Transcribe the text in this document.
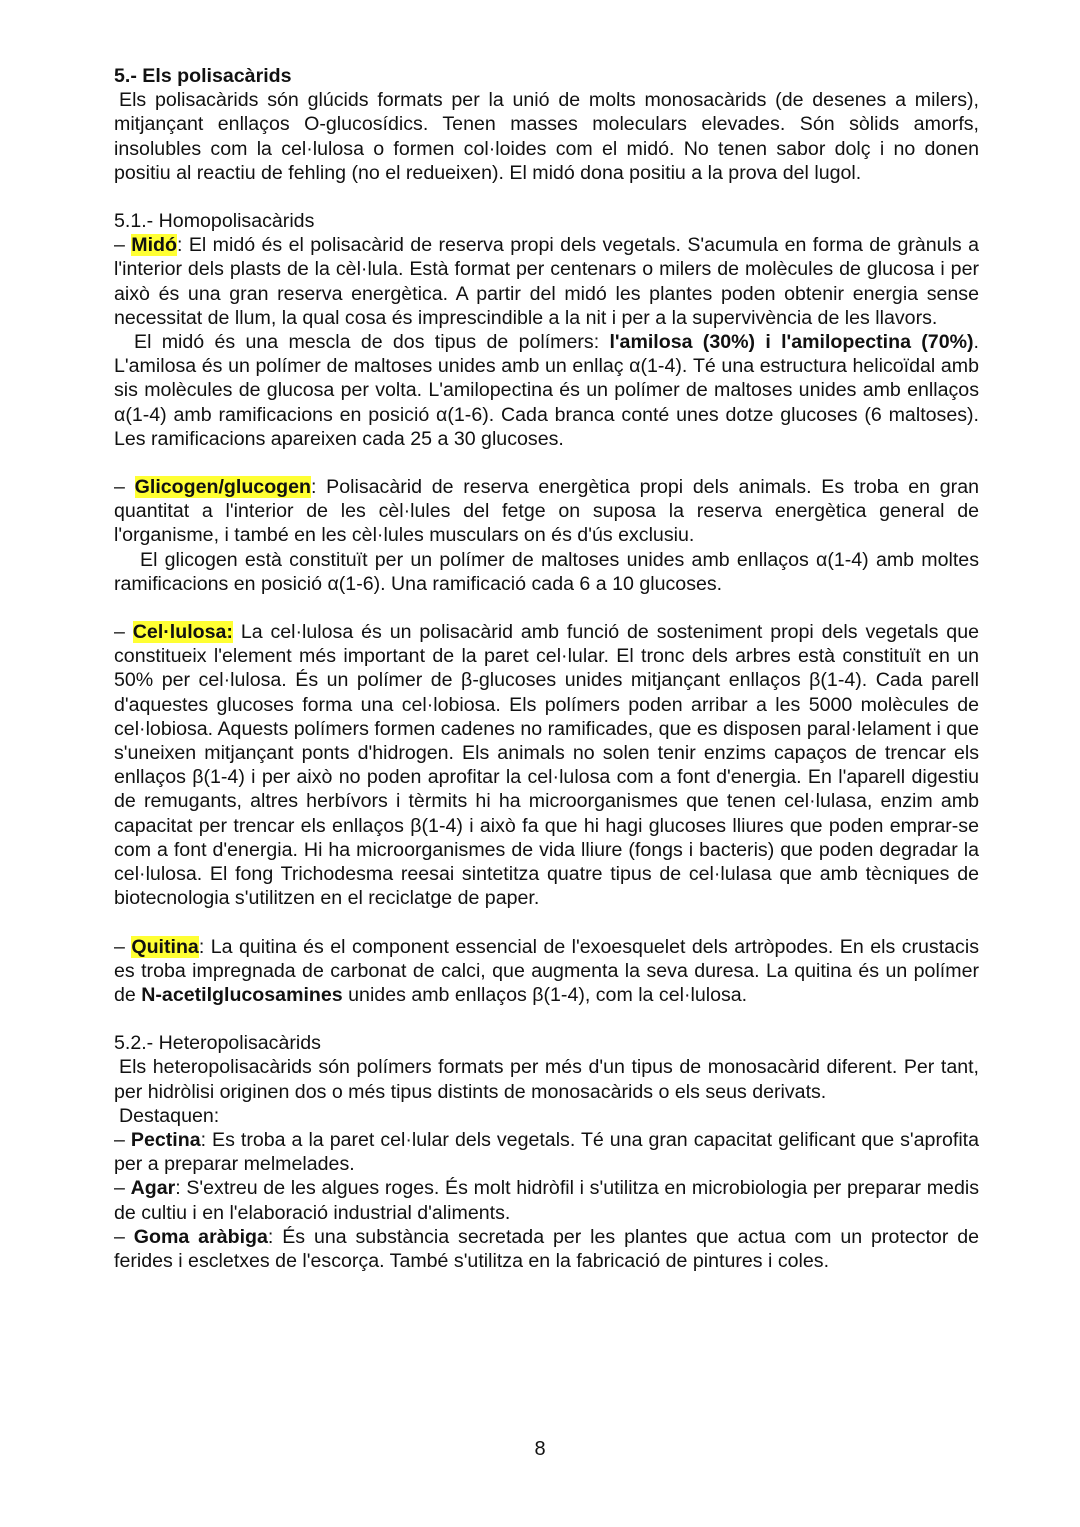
5.- Els polisacàrids

Els polisacàrids són glúcids formats per la unió de molts monosacàrids (de desenes a milers), mitjançant enllaços O-glucosídics. Tenen masses moleculars elevades. Són sòlids amorfs, insolubles com la cel·lulosa o formen col·loides com el midó. No tenen sabor dolç i no donen positiu al reactiu de fehling (no el redueixen). El midó dona positiu a la prova del lugol.

5.1.- Homopolisacàrids

– Midó: El midó és el polisacàrid de reserva propi dels vegetals. S'acumula en forma de grànuls a l'interior dels plasts de la cèl·lula. Està format per centenars o milers de molècules de glucosa i per això és una gran reserva energètica. A partir del midó les plantes poden obtenir energia sense necessitat de llum, la qual cosa és imprescindible a la nit i per a la supervivència de les llavors.

El midó és una mescla de dos tipus de polímers: l'amilosa (30%) i l'amilopectina (70%). L'amilosa és un polímer de maltoses unides amb un enllaç α(1-4). Té una estructura helicoïdal amb sis molècules de glucosa per volta. L'amilopectina és un polímer de maltoses unides amb enllaços α(1-4) amb ramificacions en posició α(1-6). Cada branca conté unes dotze glucoses (6 maltoses). Les ramificacions apareixen cada 25 a 30 glucoses.

– Glicogen/glucogen: Polisacàrid de reserva energètica propi dels animals. Es troba en gran quantitat a l'interior de les cèl·lules del fetge on suposa la reserva energètica general de l'organisme, i també en les cèl·lules musculars on és d'ús exclusiu.

El glicogen està constituït per un polímer de maltoses unides amb enllaços α(1-4) amb moltes ramificacions en posició α(1-6). Una ramificació cada 6 a 10 glucoses.

– Cel·lulosa: La cel·lulosa és un polisacàrid amb funció de sosteniment propi dels vegetals que constitueix l'element més important de la paret cel·lular. El tronc dels arbres està constituït en un 50% per cel·lulosa. És un polímer de β-glucoses unides mitjançant enllaços β(1-4). Cada parell d'aquestes glucoses forma una cel·lobiosa. Els polímers poden arribar a les 5000 molècules de cel·lobiosa. Aquests polímers formen cadenes no ramificades, que es disposen paral·lelament i que s'uneixen mitjançant ponts d'hidrogen. Els animals no solen tenir enzims capaços de trencar els enllaços β(1-4) i per això no poden aprofitar la cel·lulosa com a font d'energia. En l'aparell digestiu de remugants, altres herbívors i tèrmits hi ha microorganismes que tenen cel·lulasa, enzim amb capacitat per trencar els enllaços β(1-4) i això fa que hi hagi glucoses lliures que poden emprar-se com a font d'energia. Hi ha microorganismes de vida lliure (fongs i bacteris) que poden degradar la cel·lulosa. El fong Trichodesma reesai sintetitza quatre tipus de cel·lulasa que amb tècniques de biotecnologia s'utilitzen en el reciclatge de paper.

– Quitina: La quitina és el component essencial de l'exoesquelet dels artròpodes. En els crustacis es troba impregnada de carbonat de calci, que augmenta la seva duresa. La quitina és un polímer de N-acetilglucosamines unides amb enllaços β(1-4), com la cel·lulosa.

5.2.- Heteropolisacàrids

Els heteropolisacàrids són polímers formats per més d'un tipus de monosacàrid diferent. Per tant, per hidròlisi originen dos o més tipus distints de monosacàrids o els seus derivats.

Destaquen:

– Pectina: Es troba a la paret cel·lular dels vegetals. Té una gran capacitat gelificant que s'aprofita per a preparar melmelades.

– Agar: S'extreu de les algues roges. És molt hidròfil i s'utilitza en microbiologia per preparar medis de cultiu i en l'elaboració industrial d'aliments.

– Goma aràbiga: És una substància secretada per les plantes que actua com un protector de ferides i escletxes de l'escorça. També s'utilitza en la fabricació de pintures i coles.

8
